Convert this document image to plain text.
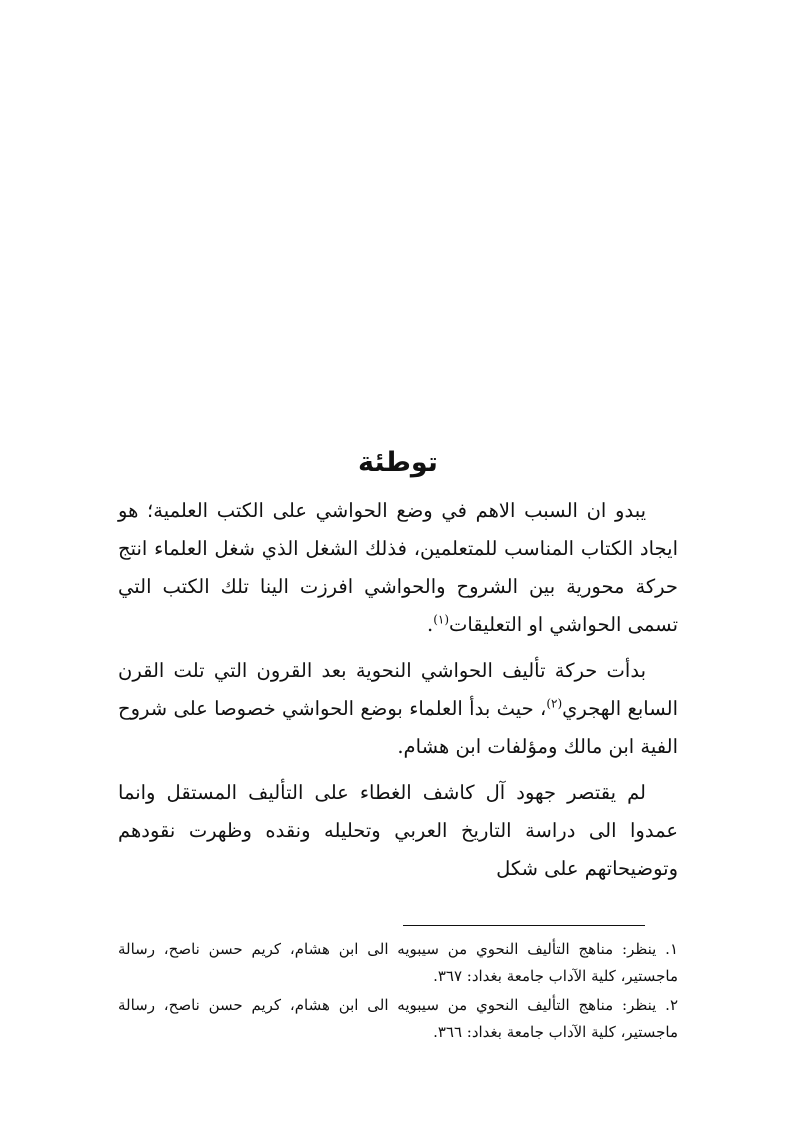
توطئة

يبدو ان السبب الاهم في وضع الحواشي على الكتب العلمية؛ هو ايجاد الكتاب المناسب للمتعلمين، فذلك الشغل الذي شغل العلماء انتج حركة محورية بين الشروح والحواشي افرزت الينا تلك الكتب التي تسمى الحواشي او التعليقات$^{(١)}$.

بدأت حركة تأليف الحواشي النحوية بعد القرون التي تلت القرن السابع الهجري$^{(٢)}$، حيث بدأ العلماء بوضع الحواشي خصوصا على شروح الفية ابن مالك ومؤلفات ابن هشام.

لم يقتصر جهود آل كاشف الغطاء على التأليف المستقل وانما عمدوا الى دراسة التاريخ العربي وتحليله ونقده وظهرت نقودهم وتوضيحاتهم على شكل

١. ينظر: مناهج التأليف النحوي من سيبويه الى ابن هشام، كريم حسن ناصح، رسالة ماجستير، كلية الآداب جامعة بغداد: ٣٦٧.

٢. ينظر: مناهج التأليف النحوي من سيبويه الى ابن هشام، كريم حسن ناصح، رسالة ماجستير، كلية الآداب جامعة بغداد: ٣٦٦.
